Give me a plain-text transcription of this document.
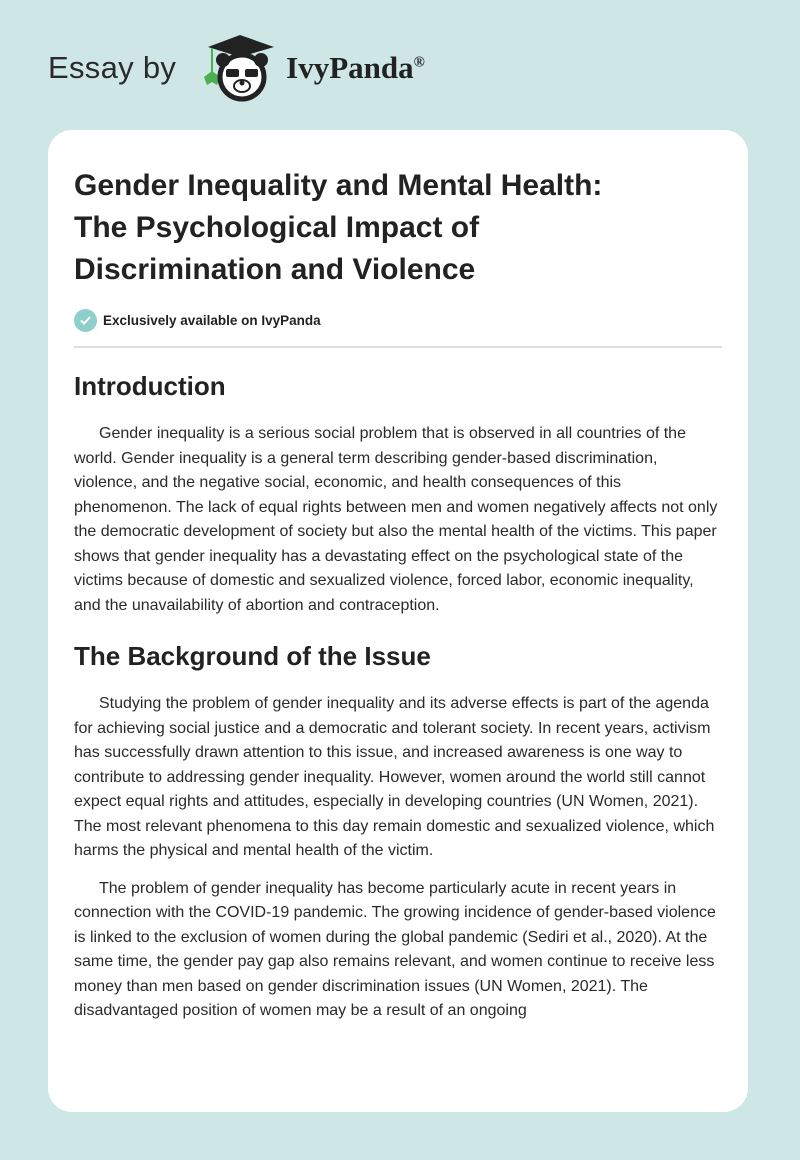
Essay by	IvyPanda®
Gender Inequality and Mental Health: The Psychological Impact of Discrimination and Violence
Exclusively available on IvyPanda
Introduction

Gender inequality is a serious social problem that is observed in all countries of the world. Gender inequality is a general term describing gender-based discrimination, violence, and the negative social, economic, and health consequences of this phenomenon. The lack of equal rights between men and women negatively affects not only the democratic development of society but also the mental health of the victims. This paper shows that gender inequality has a devastating effect on the psychological state of the victims because of domestic and sexualized violence, forced labor, economic inequality, and the unavailability of abortion and contraception.

The Background of the Issue

Studying the problem of gender inequality and its adverse effects is part of the agenda for achieving social justice and a democratic and tolerant society. In recent years, activism has successfully drawn attention to this issue, and increased awareness is one way to contribute to addressing gender inequality. However, women around the world still cannot expect equal rights and attitudes, especially in developing countries (UN Women, 2021). The most relevant phenomena to this day remain domestic and sexualized violence, which harms the physical and mental health of the victim.

The problem of gender inequality has become particularly acute in recent years in connection with the COVID-19 pandemic. The growing incidence of gender-based violence is linked to the exclusion of women during the global pandemic (Sediri et al., 2020). At the same time, the gender pay gap also remains relevant, and women continue to receive less money than men based on gender discrimination issues (UN Women, 2021). The disadvantaged position of women may be a result of an ongoing
